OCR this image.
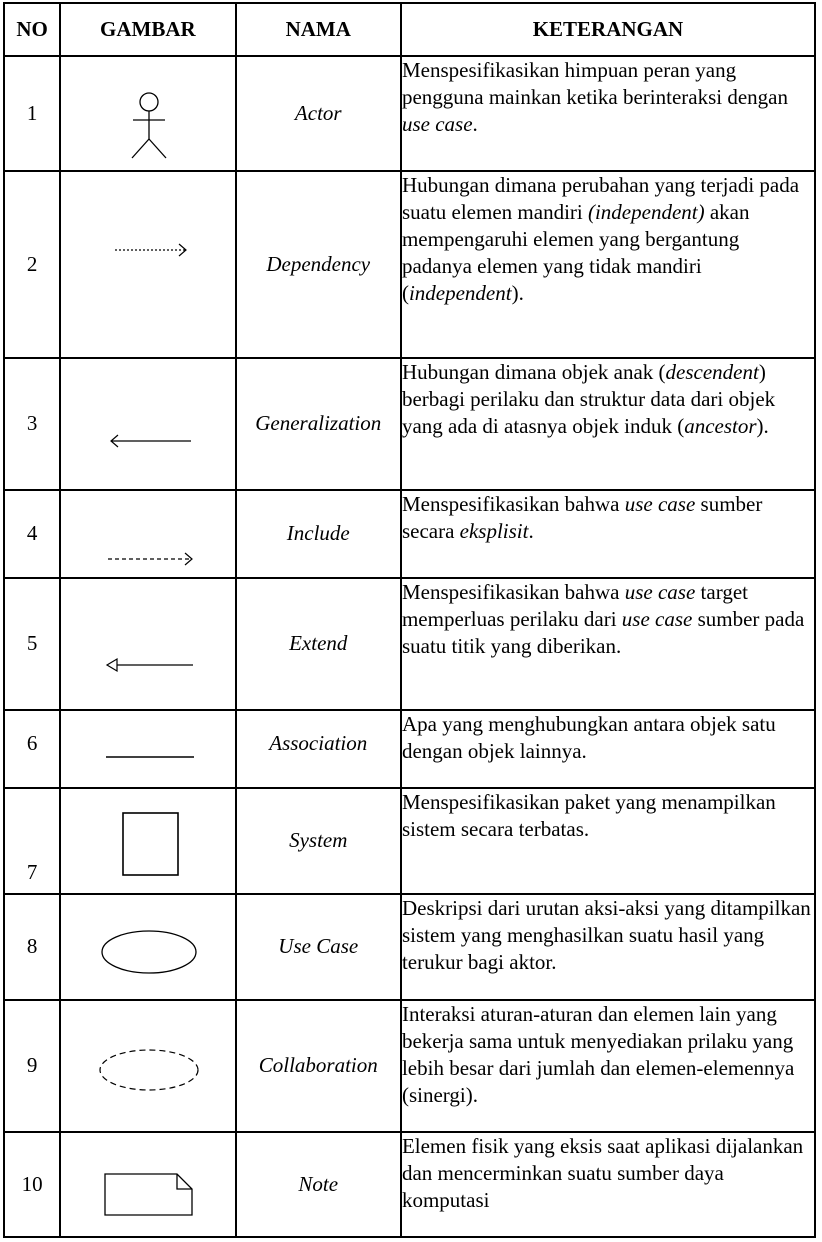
NO	GAMBAR	NAMA	KETERANGAN

1		Actor	Menspesifikasikan himpuan peran yang pengguna mainkan ketika berinteraksi dengan use case.

2		Dependency	Hubungan dimana perubahan yang terjadi pada suatu elemen mandiri (independent) akan mempengaruhi elemen yang bergantung padanya elemen yang tidak mandiri (independent).

3		Generalization	Hubungan dimana objek anak (descendent) berbagi perilaku dan struktur data dari objek yang ada di atasnya objek induk (ancestor).

4		Include	Menspesifikasikan bahwa use case sumber secara eksplisit.

5		Extend	Menspesifikasikan bahwa use case target memperluas perilaku dari use case sumber pada suatu titik yang diberikan.

6		Association	Apa yang menghubungkan antara objek satu dengan objek lainnya.

7		System	Menspesifikasikan paket yang menampilkan sistem secara terbatas.

8		Use Case	Deskripsi dari urutan aksi-aksi yang ditampilkan sistem yang menghasilkan suatu hasil yang terukur bagi aktor.

9		Collaboration	Interaksi aturan-aturan dan elemen lain yang bekerja sama untuk menyediakan prilaku yang lebih besar dari jumlah dan elemen-elemennya (sinergi).

10		Note	Elemen fisik yang eksis saat aplikasi dijalankan dan mencerminkan suatu sumber daya komputasi
